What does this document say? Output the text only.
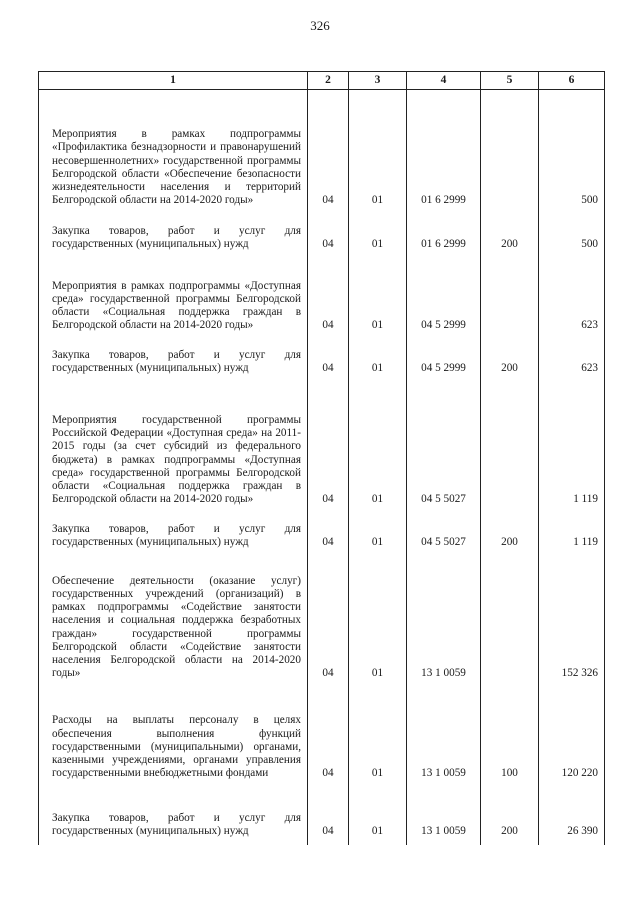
326
1	2	3	4	5	6
Мероприятия в рамках подпрограммы «Профилактика безнадзорности и правонарушений несовершеннолетних» государственной программы Белгородской области «Обеспечение безопасности жизнедеятельности населения и территорий Белгородской области на 2014-2020 годы»	04	01	01 6 2999		500
Закупка товаров, работ и услуг для государственных (муниципальных) нужд	04	01	01 6 2999	200	500
Мероприятия в рамках подпрограммы «Доступная среда» государственной программы Белгородской области «Социальная поддержка граждан в Белгородской области на 2014-2020 годы»	04	01	04 5 2999		623
Закупка товаров, работ и услуг для государственных (муниципальных) нужд	04	01	04 5 2999	200	623
Мероприятия государственной программы Российской Федерации «Доступная среда» на 2011-2015 годы (за счет субсидий из федерального бюджета) в рамках подпрограммы «Доступная среда» государственной программы Белгородской области «Социальная поддержка граждан в Белгородской области на 2014-2020 годы»	04	01	04 5 5027		1 119
Закупка товаров, работ и услуг для государственных (муниципальных) нужд	04	01	04 5 5027	200	1 119
Обеспечение деятельности (оказание услуг) государственных учреждений (организаций) в рамках подпрограммы «Содействие занятости населения и социальная поддержка безработных граждан» государственной программы Белгородской области «Содействие занятости населения Белгородской области на 2014-2020 годы»	04	01	13 1 0059		152 326
Расходы на выплаты персоналу в целях обеспечения выполнения функций государственными (муниципальными) органами, казенными учреждениями, органами управления государственными внебюджетными фондами	04	01	13 1 0059	100	120 220
Закупка товаров, работ и услуг для государственных (муниципальных) нужд	04	01	13 1 0059	200	26 390
